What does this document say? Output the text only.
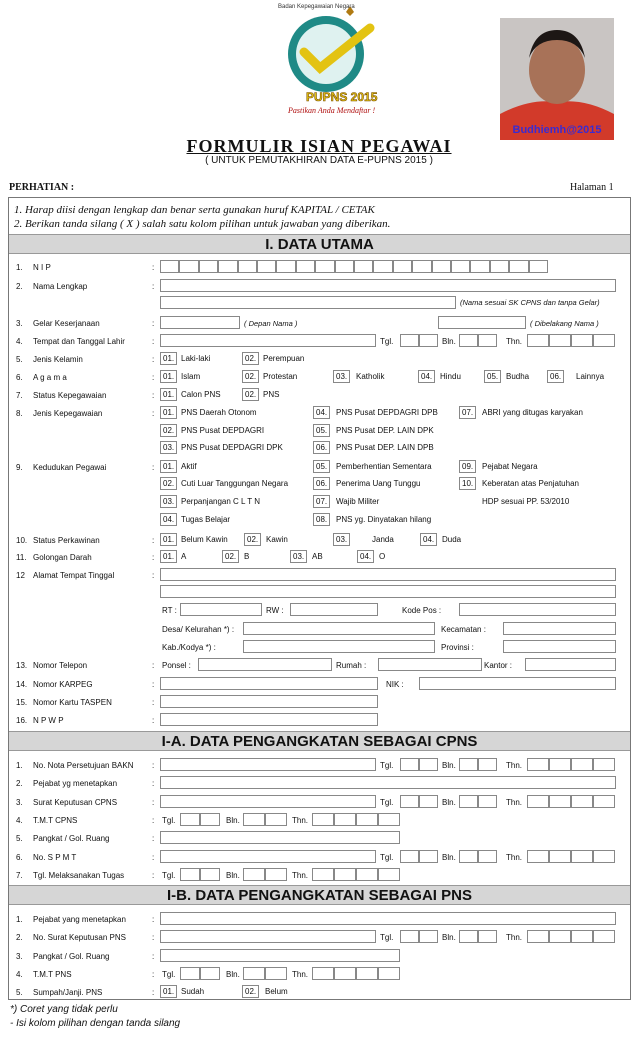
Badan Kepegawaian Negara
PUPNS 2015
Pastikan Anda Mendaftar !
Budhiemh@2015
FORMULIR ISIAN PEGAWAI
( UNTUK PEMUTAKHIRAN DATA E-PUPNS 2015 )
PERHATIAN :	Halaman 1
1. Harap diisi dengan lengkap dan benar serta gunakan huruf KAPITAL / CETAK
2. Berikan tanda silang ( X ) salah satu kolom pilihan untuk jawaban yang diberikan.
I. DATA UTAMA
1.	N I P	:
2.	Nama Lengkap	:
(Nama sesuai SK CPNS dan tanpa Gelar)
3.	Gelar Keserjanaan	:	( Depan Nama )	( Dibelakang Nama )
4.	Tempat dan Tanggal Lahir	:	Tgl.	Bln.	Thn.
5.	Jenis Kelamin	:	01. Laki-laki	02. Perempuan
6.	A g a m a	:	01. Islam	02. Protestan	03.	Katholik	04. Hindu	05. Budha	06.	Lainnya
7.	Status Kepegawaian	:	01. Calon PNS	02. PNS
8.	Jenis Kepegawaian	:	01. PNS Daerah Otonom
02. PNS Pusat DEPDAGRI
03. PNS Pusat DEPDAGRI DPK
04.	PNS Pusat DEPDAGRI DPB
05.	PNS Pusat DEP. LAIN DPK
06.	PNS Pusat DEP. LAIN DPB
07.	ABRI yang ditugas karyakan
9.	Kedudukan Pegawai	:	01. Aktif
02. Cuti Luar Tanggungan Negara
03. Perpanjangan C L T N
04. Tugas Belajar
05.	Pemberhentian Sementara
06.	Penerima Uang Tunggu
07.	Wajib Militer
08.	PNS yg. Dinyatakan hilang
09.	Pejabat Negara
10.	Keberatan atas Penjatuhan
HDP sesuai PP. 53/2010
10. Status Perkawinan	:	01. Belum Kawin	02. Kawin	03.	Janda	04. Duda
11. Golongan Darah	:	01. A	02. B	03. AB	04. O
12	Alamat Tempat Tinggal	:
RT :	RW :	Kode Pos :
Desa/ Kelurahan *) :	Kecamatan :
Kab./Kodya *) :	Provinsi :
13. Nomor Telepon	: Ponsel :	Rumah :	Kantor :
14. Nomor KARPEG	:	NIK :
15. Nomor Kartu TASPEN	:
16. N P W P	:
I-A. DATA PENGANGKATAN SEBAGAI CPNS
1.	No. Nota Persetujuan BAKN :	Tgl.	Bln.	Thn.
2.	Pejabat yg menetapkan	:
3.	Surat Keputusan CPNS	:	Tgl.	Bln.	Thn.
4.	T.M.T CPNS	: Tgl.	Bln.	Thn.
5.	Pangkat / Gol. Ruang	:
6.	No. S P M T	:	Tgl.	Bln.	Thn.
7.	Tgl. Melaksanakan Tugas	: Tgl.	Bln.	Thn.
I-B. DATA PENGANGKATAN SEBAGAI PNS
1.	Pejabat yang menetapkan	:
2.	No. Surat Keputusan PNS	:	Tgl.	Bln.	Thn.
3.	Pangkat / Gol. Ruang	:
4.	T.M.T PNS	: Tgl.	Bln.	Thn.
5.	Sumpah/Janji. PNS	:	01. Sudah	02.	Belum
*) Coret yang tidak perlu
- Isi kolom pilihan dengan tanda silang
